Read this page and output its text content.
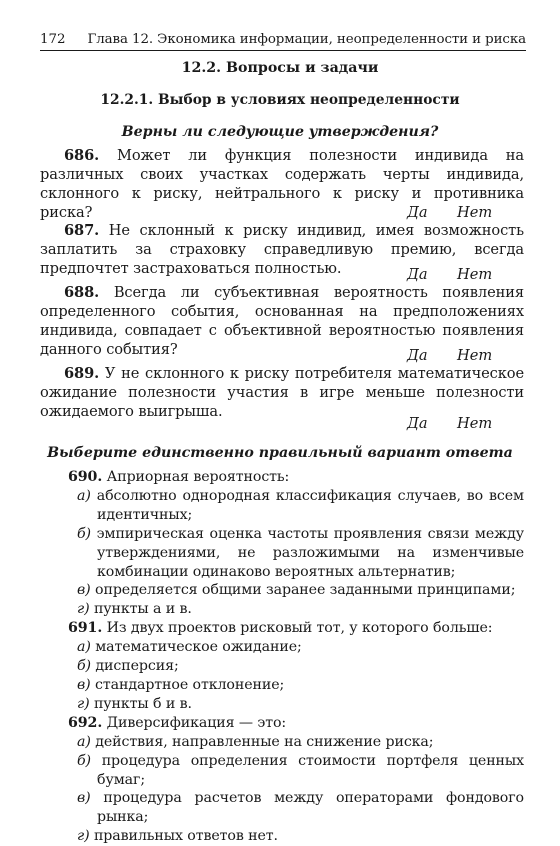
172 Глава 12. Экономика информации, неопределенности и риска
12.2. Вопросы и задачи
12.2.1. Выбор в условиях неопределенности
Верны ли следующие утверждения?
686. Может ли функция полезности индивида на различных своих участках содержать черты индивида, склонного к риску, нейтрального к риску и противника риска?	Да Нет
687. Не склонный к риску индивид, имея возможность заплатить за страховку справедливую премию, всегда предпочтет застраховаться полностью.	Да Нет
688. Всегда ли субъективная вероятность появления определенного события, основанная на предположениях индивида, совпадает с объективной вероятностью появления данного события?	Да Нет
689. У не склонного к риску потребителя математическое ожидание полезности участия в игре меньше полезности ожидаемого выигрыша.
Да Нет
Выберите единственно правильный вариант ответа
690. Априорная вероятность:
а) абсолютно однородная классификация случаев, во всем идентичных;
б) эмпирическая оценка частоты проявления связи между утверждениями, не разложимыми на изменчивые комбинации одинаково вероятных альтернатив;
в) определяется общими заранее заданными принципами;
г) пункты а и в.
691. Из двух проектов рисковый тот, у которого больше:
а) математическое ожидание;
б) дисперсия;
в) стандартное отклонение;
г) пункты б и в.
692. Диверсификация — это:
а) действия, направленные на снижение риска;
б) процедура определения стоимости портфеля ценных бумаг;
в) процедура расчетов между операторами фондового рынка;
г) правильных ответов нет.
